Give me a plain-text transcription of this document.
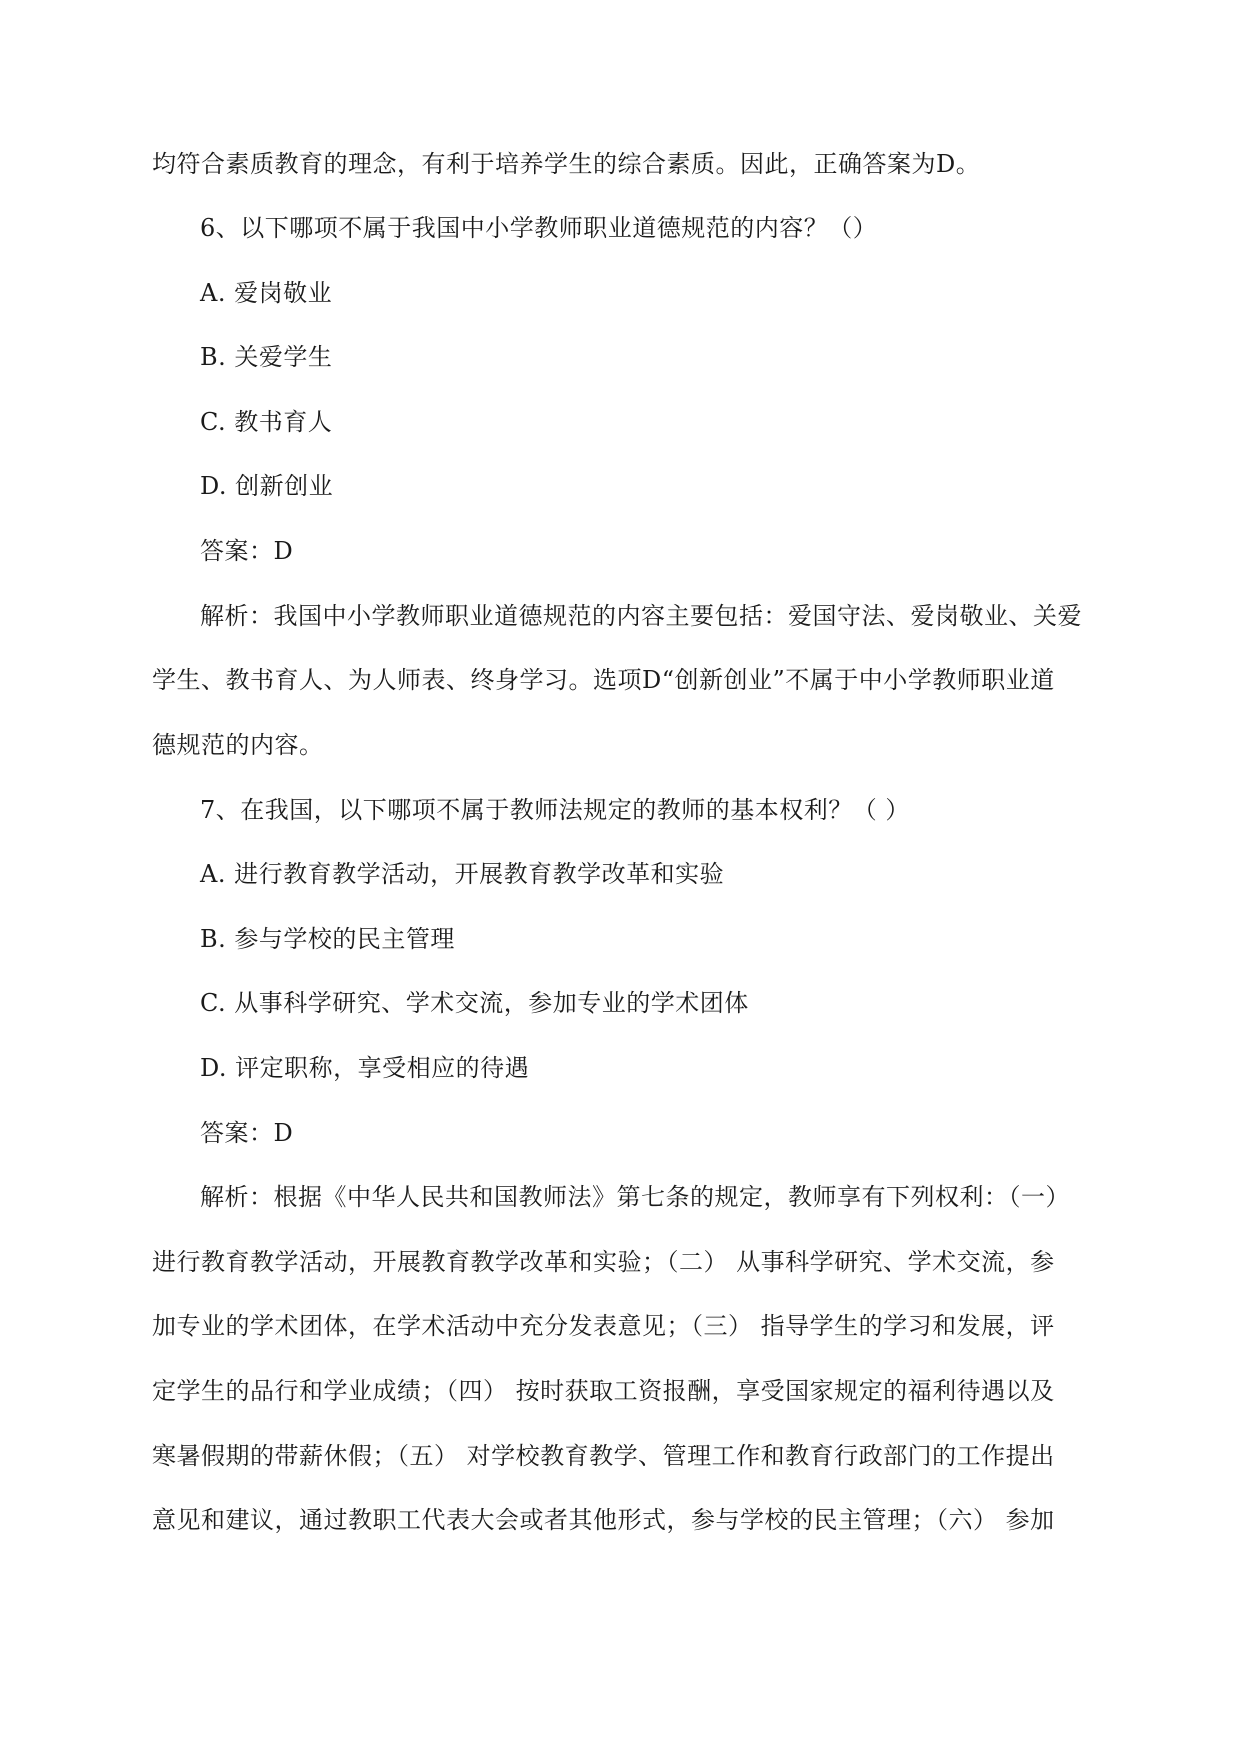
均符合素质教育的理念，有利于培养学生的综合素质。因此，正确答案为D。

6、以下哪项不属于我国中小学教师职业道德规范的内容？（）

A. 爱岗敬业

B. 关爱学生

C. 教书育人

D. 创新创业

答案：D

解析：我国中小学教师职业道德规范的内容主要包括：爱国守法、爱岗敬业、关爱

学生、教书育人、为人师表、终身学习。选项D“创新创业”不属于中小学教师职业道

德规范的内容。

7、在我国，以下哪项不属于教师法规定的教师的基本权利？（ ）

A. 进行教育教学活动，开展教育教学改革和实验

B. 参与学校的民主管理

C. 从事科学研究、学术交流，参加专业的学术团体

D. 评定职称，享受相应的待遇

答案：D

解析：根据《中华人民共和国教师法》第七条的规定，教师享有下列权利：（一）

进行教育教学活动，开展教育教学改革和实验；（二） 从事科学研究、学术交流，参

加专业的学术团体，在学术活动中充分发表意见；（三） 指导学生的学习和发展，评

定学生的品行和学业成绩；（四） 按时获取工资报酬，享受国家规定的福利待遇以及

寒暑假期的带薪休假；（五） 对学校教育教学、管理工作和教育行政部门的工作提出

意见和建议，通过教职工代表大会或者其他形式，参与学校的民主管理；（六） 参加
